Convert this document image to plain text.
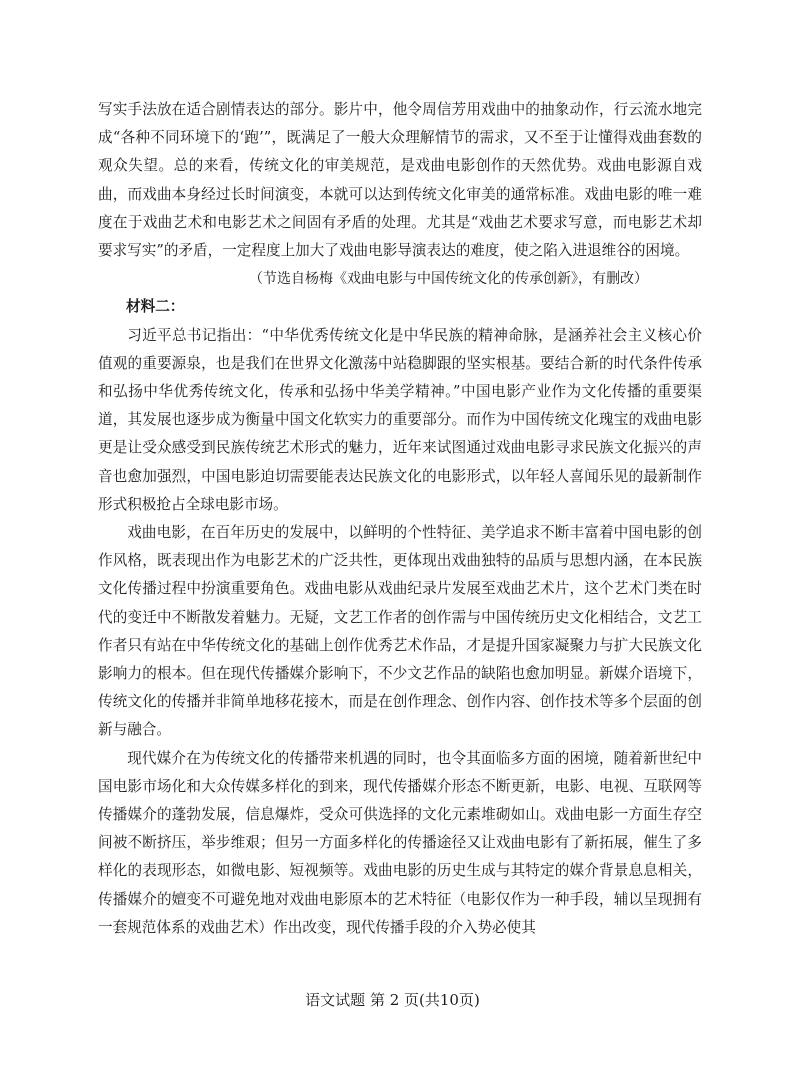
写实手法放在适合剧情表达的部分。影片中，他令周信芳用戏曲中的抽象动作，行云流水地完成“各种不同环境下的‘跑’”，既满足了一般大众理解情节的需求，又不至于让懂得戏曲套数的观众失望。总的来看，传统文化的审美规范，是戏曲电影创作的天然优势。戏曲电影源自戏曲，而戏曲本身经过长时间演变，本就可以达到传统文化审美的通常标准。戏曲电影的唯一难度在于戏曲艺术和电影艺术之间固有矛盾的处理。尤其是“戏曲艺术要求写意，而电影艺术却要求写实”的矛盾，一定程度上加大了戏曲电影导演表达的难度，使之陷入进退维谷的困境。

（节选自杨梅《戏曲电影与中国传统文化的传承创新》，有删改）

材料二：

习近平总书记指出：“中华优秀传统文化是中华民族的精神命脉，是涵养社会主义核心价值观的重要源泉，也是我们在世界文化激荡中站稳脚跟的坚实根基。要结合新的时代条件传承和弘扬中华优秀传统文化，传承和弘扬中华美学精神。”中国电影产业作为文化传播的重要渠道，其发展也逐步成为衡量中国文化软实力的重要部分。而作为中国传统文化瑰宝的戏曲电影更是让受众感受到民族传统艺术形式的魅力，近年来试图通过戏曲电影寻求民族文化振兴的声音也愈加强烈，中国电影迫切需要能表达民族文化的电影形式，以年轻人喜闻乐见的最新制作形式积极抢占全球电影市场。

戏曲电影，在百年历史的发展中，以鲜明的个性特征、美学追求不断丰富着中国电影的创作风格，既表现出作为电影艺术的广泛共性，更体现出戏曲独特的品质与思想内涵，在本民族文化传播过程中扮演重要角色。戏曲电影从戏曲纪录片发展至戏曲艺术片，这个艺术门类在时代的变迁中不断散发着魅力。无疑，文艺工作者的创作需与中国传统历史文化相结合，文艺工作者只有站在中华传统文化的基础上创作优秀艺术作品，才是提升国家凝聚力与扩大民族文化影响力的根本。但在现代传播媒介影响下，不少文艺作品的缺陷也愈加明显。新媒介语境下，传统文化的传播并非简单地移花接木，而是在创作理念、创作内容、创作技术等多个层面的创新与融合。

现代媒介在为传统文化的传播带来机遇的同时，也令其面临多方面的困境，随着新世纪中国电影市场化和大众传媒多样化的到来，现代传播媒介形态不断更新，电影、电视、互联网等传播媒介的蓬勃发展，信息爆炸，受众可供选择的文化元素堆砌如山。戏曲电影一方面生存空间被不断挤压，举步维艰；但另一方面多样化的传播途径又让戏曲电影有了新拓展，催生了多样化的表现形态，如微电影、短视频等。戏曲电影的历史生成与其特定的媒介背景息息相关，传播媒介的嬗变不可避免地对戏曲电影原本的艺术特征（电影仅作为一种手段，辅以呈现拥有一套规范体系的戏曲艺术）作出改变，现代传播手段的介入势必使其

语文试题 第 2 页(共10页)
